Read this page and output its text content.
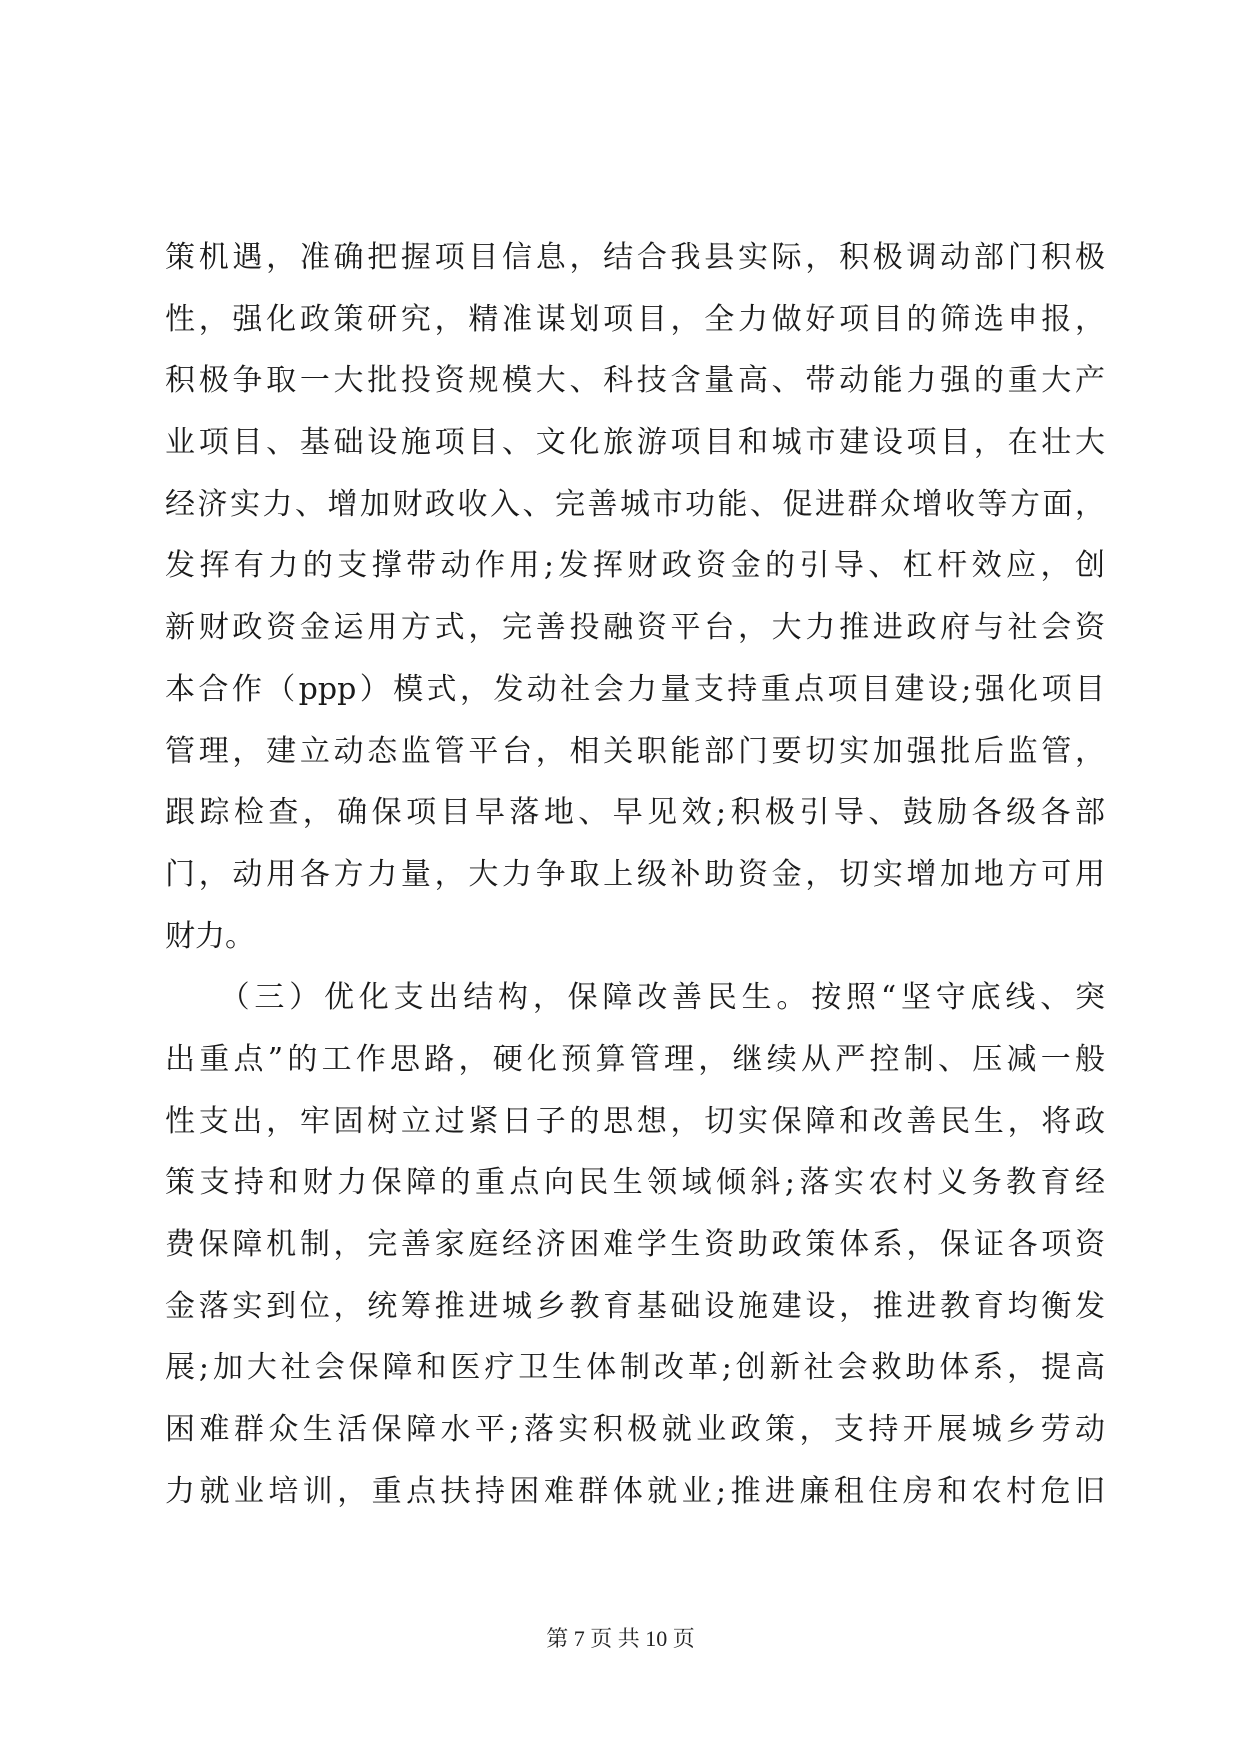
策机遇，准确把握项目信息，结合我县实际，积极调动部门积极
性，强化政策研究，精准谋划项目，全力做好项目的筛选申报，
积极争取一大批投资规模大、科技含量高、带动能力强的重大产
业项目、基础设施项目、文化旅游项目和城市建设项目，在壮大
经济实力、增加财政收入、完善城市功能、促进群众增收等方面，
发挥有力的支撑带动作用;发挥财政资金的引导、杠杆效应，创
新财政资金运用方式，完善投融资平台，大力推进政府与社会资
本合作（ppp）模式，发动社会力量支持重点项目建设;强化项目
管理，建立动态监管平台，相关职能部门要切实加强批后监管，
跟踪检查，确保项目早落地、早见效;积极引导、鼓励各级各部
门，动用各方力量，大力争取上级补助资金，切实增加地方可用
财力。
　　（三）优化支出结构，保障改善民生。按照“坚守底线、突
出重点”的工作思路，硬化预算管理，继续从严控制、压减一般
性支出，牢固树立过紧日子的思想，切实保障和改善民生，将政
策支持和财力保障的重点向民生领域倾斜;落实农村义务教育经
费保障机制，完善家庭经济困难学生资助政策体系，保证各项资
金落实到位，统筹推进城乡教育基础设施建设，推进教育均衡发
展;加大社会保障和医疗卫生体制改革;创新社会救助体系，提高
困难群众生活保障水平;落实积极就业政策，支持开展城乡劳动
力就业培训，重点扶持困难群体就业;推进廉租住房和农村危旧
第 7 页 共 10 页
